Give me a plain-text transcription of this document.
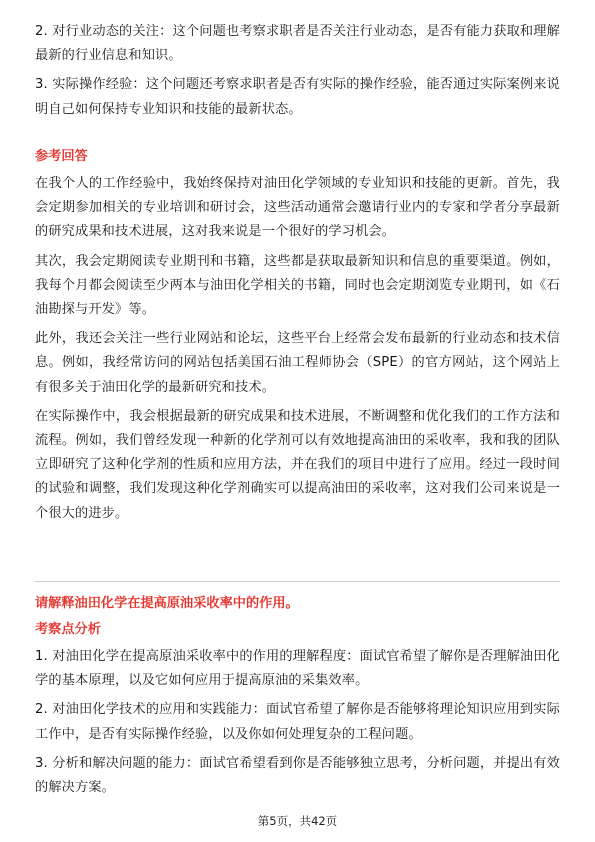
2. 对行业动态的关注：这个问题也考察求职者是否关注行业动态，是否有能力获取和理解最新的行业信息和知识。

3. 实际操作经验：这个问题还考察求职者是否有实际的操作经验，能否通过实际案例来说明自己如何保持专业知识和技能的最新状态。

参考回答

在我个人的工作经验中，我始终保持对油田化学领域的专业知识和技能的更新。首先，我会定期参加相关的专业培训和研讨会，这些活动通常会邀请行业内的专家和学者分享最新的研究成果和技术进展，这对我来说是一个很好的学习机会。

其次，我会定期阅读专业期刊和书籍，这些都是获取最新知识和信息的重要渠道。例如，我每个月都会阅读至少两本与油田化学相关的书籍，同时也会定期浏览专业期刊，如《石油勘探与开发》等。

此外，我还会关注一些行业网站和论坛，这些平台上经常会发布最新的行业动态和技术信息。例如，我经常访问的网站包括美国石油工程师协会（SPE）的官方网站，这个网站上有很多关于油田化学的最新研究和技术。

在实际操作中，我会根据最新的研究成果和技术进展，不断调整和优化我们的工作方法和流程。例如，我们曾经发现一种新的化学剂可以有效地提高油田的采收率，我和我的团队立即研究了这种化学剂的性质和应用方法，并在我们的项目中进行了应用。经过一段时间的试验和调整，我们发现这种化学剂确实可以提高油田的采收率，这对我们公司来说是一个很大的进步。

请解释油田化学在提高原油采收率中的作用。
考察点分析

1. 对油田化学在提高原油采收率中的作用的理解程度：面试官希望了解你是否理解油田化学的基本原理，以及它如何应用于提高原油的采集效率。

2. 对油田化学技术的应用和实践能力：面试官希望了解你是否能够将理论知识应用到实际工作中，是否有实际操作经验，以及你如何处理复杂的工程问题。

3. 分析和解决问题的能力：面试官希望看到你是否能够独立思考，分析问题，并提出有效的解决方案。

第5页，共42页
